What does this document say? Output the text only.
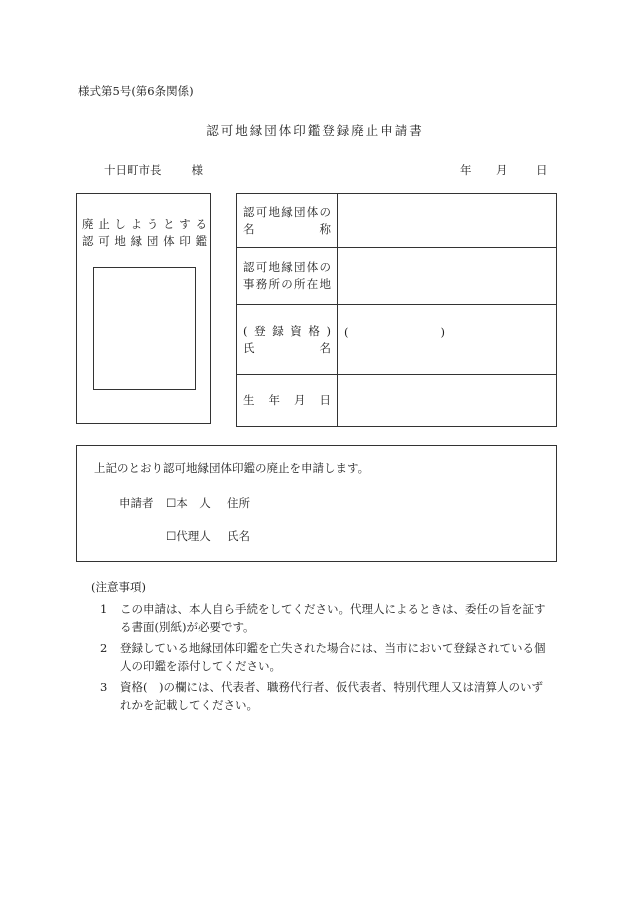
様式第5号(第6条関係)
認可地縁団体印鑑登録廃止申請書
十日町市長	様	年 月 日
廃止しようとする
認可地縁団体印鑑
認可地縁団体の
名　　　称	

認可地縁団体の
事務所の所在地	

(登録資格)
氏　　　名	(　　　　　　　　)

生　年　月　日	

上記のとおり認可地縁団体印鑑の廃止を申請します。
申請者 ☐本　人 住所
☐代理人 氏名
(注意事項)
1 この申請は、本人自ら手続をしてください。代理人によるときは、委任の旨を証する書面(別紙)が必要です。
2 登録している地縁団体印鑑を亡失された場合には、当市において登録されている個人の印鑑を添付してください。
3 資格(　)の欄には、代表者、職務代行者、仮代表者、特別代理人又は清算人のいずれかを記載してください。
